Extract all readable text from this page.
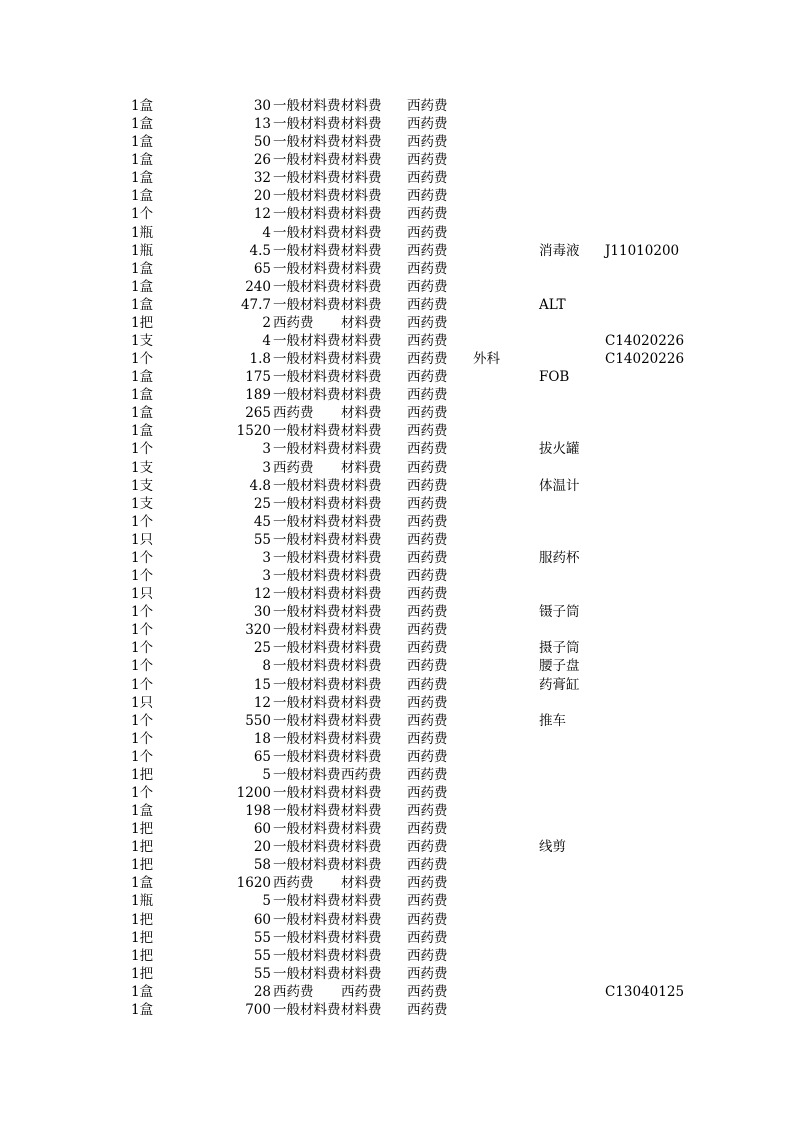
1盒	30 一般材料费 材料费 西药费
1盒	13 一般材料费 材料费 西药费
1盒	50 一般材料费 材料费 西药费
1盒	26 一般材料费 材料费 西药费
1盒	32 一般材料费 材料费 西药费
1盒	20 一般材料费 材料费 西药费
1个	12 一般材料费 材料费 西药费
1瓶	4 一般材料费 材料费 西药费
1瓶	4.5 一般材料费 材料费 西药费	消毒液 J11010200
1盒	65 一般材料费 材料费 西药费
1盒	240 一般材料费 材料费 西药费
1盒	47.7 一般材料费 材料费 西药费	ALT
1把	2 西药费	材料费 西药费
1支	4 一般材料费 材料费 西药费	C14020226
1个	1.8 一般材料费 材料费 西药费 外科	C14020226
1盒	175 一般材料费 材料费 西药费	FOB
1盒	189 一般材料费 材料费 西药费
1盒	265 西药费	材料费 西药费
1盒	1520 一般材料费 材料费 西药费
1个	3 一般材料费 材料费 西药费	拔火罐
1支	3 西药费	材料费 西药费
1支	4.8 一般材料费 材料费 西药费	体温计
1支	25 一般材料费 材料费 西药费
1个	45 一般材料费 材料费 西药费
1只	55 一般材料费 材料费 西药费
1个	3 一般材料费 材料费 西药费	服药杯
1个	3 一般材料费 材料费 西药费
1只	12 一般材料费 材料费 西药费
1个	30 一般材料费 材料费 西药费	镊子筒
1个	320 一般材料费 材料费 西药费
1个	25 一般材料费 材料费 西药费	摄子筒
1个	8 一般材料费 材料费 西药费	腰子盘
1个	15 一般材料费 材料费 西药费	药膏缸
1只	12 一般材料费 材料费 西药费
1个	550 一般材料费 材料费 西药费	推车
1个	18 一般材料费 材料费 西药费
1个	65 一般材料费 材料费 西药费
1把	5 一般材料费 西药费 西药费
1个	1200 一般材料费 材料费 西药费
1盒	198 一般材料费 材料费 西药费
1把	60 一般材料费 材料费 西药费
1把	20 一般材料费 材料费 西药费	线剪
1把	58 一般材料费 材料费 西药费
1盒	1620 西药费	材料费 西药费
1瓶	5 一般材料费 材料费 西药费
1把	60 一般材料费 材料费 西药费
1把	55 一般材料费 材料费 西药费
1把	55 一般材料费 材料费 西药费
1把	55 一般材料费 材料费 西药费
1盒	28 西药费	西药费 西药费	C13040125
1盒	700 一般材料费 材料费 西药费
